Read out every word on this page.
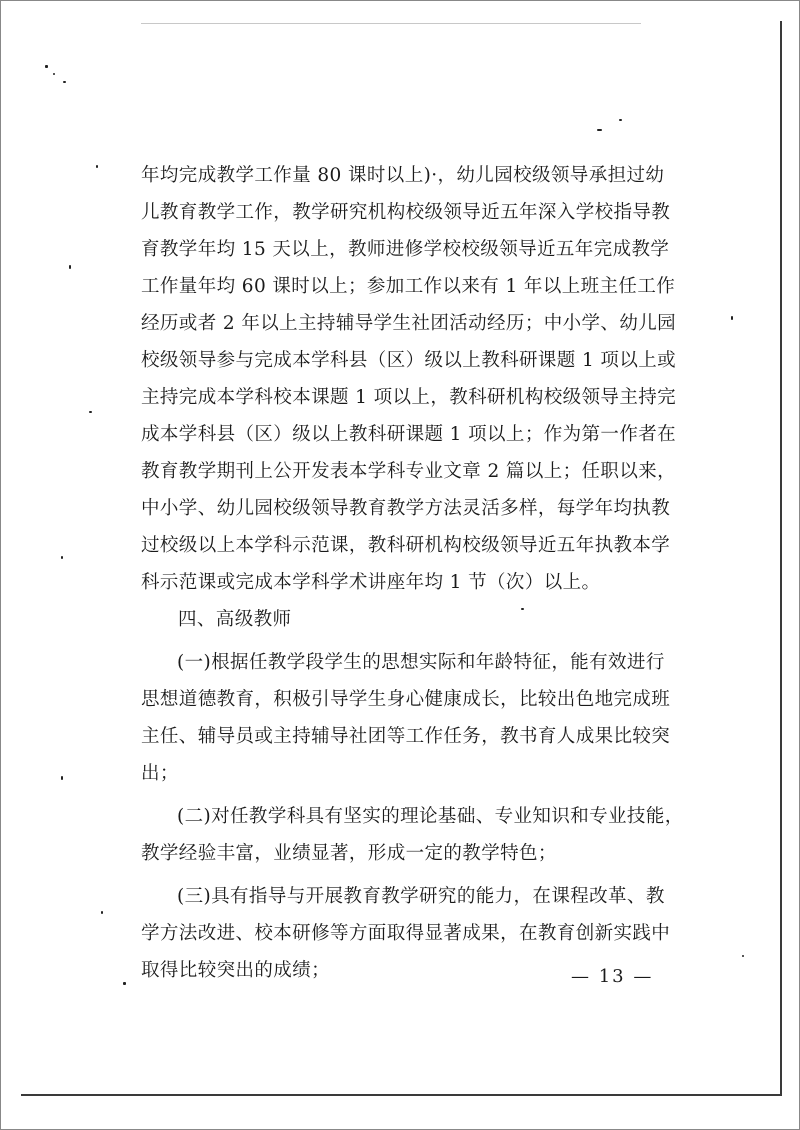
年均完成教学工作量 80 课时以上)·，幼儿园校级领导承担过幼
儿教育教学工作，教学研究机构校级领导近五年深入学校指导教
育教学年均 15 天以上，教师进修学校校级领导近五年完成教学
工作量年均 60 课时以上；参加工作以来有 1 年以上班主任工作
经历或者 2 年以上主持辅导学生社团活动经历；中小学、幼儿园
校级领导参与完成本学科县（区）级以上教科研课题 1 项以上或
主持完成本学科校本课题 1 项以上，教科研机构校级领导主持完
成本学科县（区）级以上教科研课题 1 项以上；作为第一作者在
教育教学期刊上公开发表本学科专业文章 2 篇以上；任职以来，
中小学、幼儿园校级领导教育教学方法灵活多样，每学年均执教
过校级以上本学科示范课，教科研机构校级领导近五年执教本学
科示范课或完成本学科学术讲座年均 1 节（次）以上。
四、高级教师
(一)根据任教学段学生的思想实际和年龄特征，能有效进行
思想道德教育，积极引导学生身心健康成长，比较出色地完成班
主任、辅导员或主持辅导社团等工作任务，教书育人成果比较突
出；
(二)对任教学科具有坚实的理论基础、专业知识和专业技能，
教学经验丰富，业绩显著，形成一定的教学特色；
(三)具有指导与开展教育教学研究的能力，在课程改革、教
学方法改进、校本研修等方面取得显著成果，在教育创新实践中
取得比较突出的成绩；	— 13 —
